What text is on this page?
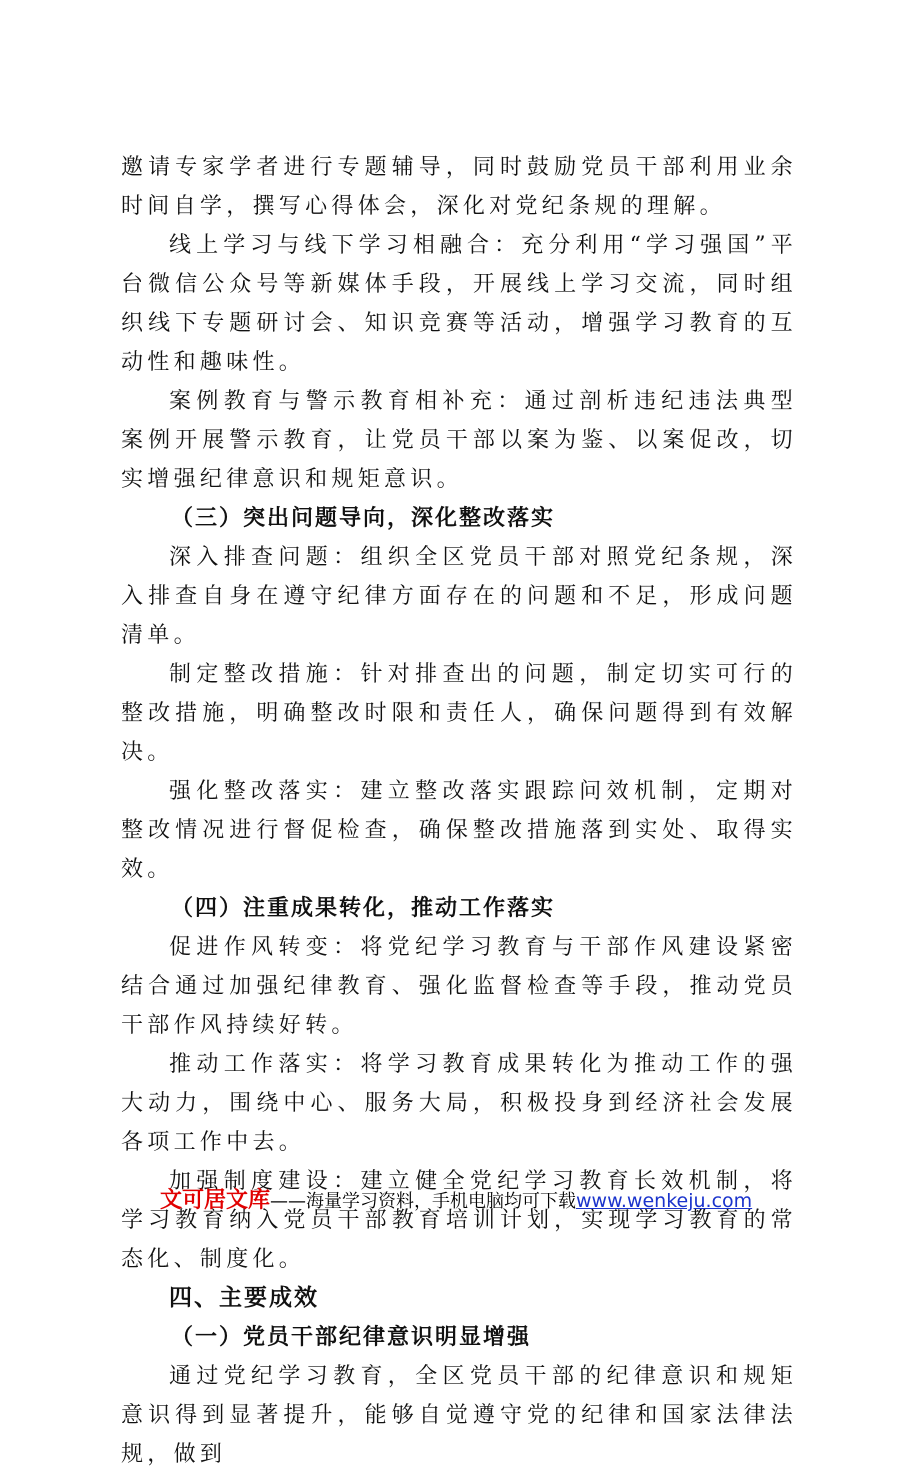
邀请专家学者进行专题辅导，同时鼓励党员干部利用业余时间自学，撰写心得体会，深化对党纪条规的理解。

线上学习与线下学习相融合：充分利用“学习强国”平台微信公众号等新媒体手段，开展线上学习交流，同时组织线下专题研讨会、知识竞赛等活动，增强学习教育的互动性和趣味性。

案例教育与警示教育相补充：通过剖析违纪违法典型案例开展警示教育，让党员干部以案为鉴、以案促改，切实增强纪律意识和规矩意识。

（三）突出问题导向，深化整改落实

深入排查问题：组织全区党员干部对照党纪条规，深入排查自身在遵守纪律方面存在的问题和不足，形成问题清单。

制定整改措施：针对排查出的问题，制定切实可行的整改措施，明确整改时限和责任人，确保问题得到有效解决。

强化整改落实：建立整改落实跟踪问效机制，定期对整改情况进行督促检查，确保整改措施落到实处、取得实效。

（四）注重成果转化，推动工作落实

促进作风转变：将党纪学习教育与干部作风建设紧密结合通过加强纪律教育、强化监督检查等手段，推动党员干部作风持续好转。

推动工作落实：将学习教育成果转化为推动工作的强大动力，围绕中心、服务大局，积极投身到经济社会发展各项工作中去。

加强制度建设：建立健全党纪学习教育长效机制，将学习教育纳入党员干部教育培训计划，实现学习教育的常态化、制度化。

四、主要成效

（一）党员干部纪律意识明显增强

通过党纪学习教育，全区党员干部的纪律意识和规矩意识得到显著提升，能够自觉遵守党的纪律和国家法律法规，做到

文可居文库——海量学习资料，手机电脑均可下载www.wenkeju.com
